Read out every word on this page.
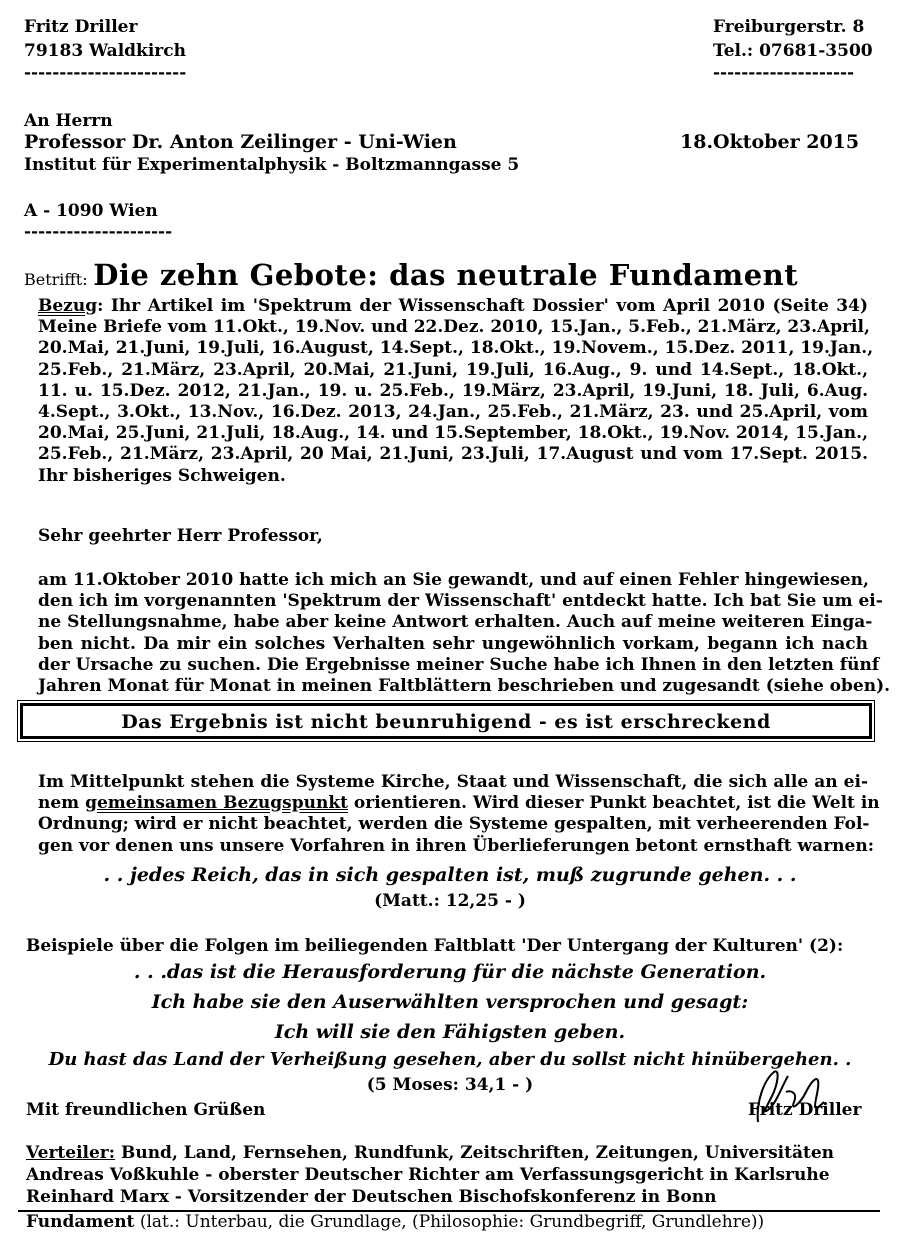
Fritz Driller
79183 Waldkirch
-----------------------
Freiburgerstr. 8
Tel.: 07681-3500
--------------------
An Herrn
Professor Dr. Anton Zeilinger - Uni-Wien
Institut für Experimentalphysik - Boltzmanngasse 5
A - 1090 Wien
---------------------
18.Oktober 2015
Betrifft: Die zehn Gebote: das neutrale Fundament
Bezug: Ihr Artikel im 'Spektrum der Wissenschaft Dossier' vom April 2010 (Seite 34)
Meine Briefe vom 11.Okt., 19.Nov. und 22.Dez. 2010, 15.Jan., 5.Feb., 21.März, 23.April,
20.Mai, 21.Juni, 19.Juli, 16.August, 14.Sept., 18.Okt., 19.Novem., 15.Dez. 2011, 19.Jan.,
25.Feb., 21.März, 23.April, 20.Mai, 21.Juni, 19.Juli, 16.Aug., 9. und 14.Sept., 18.Okt.,
11. u. 15.Dez. 2012, 21.Jan., 19. u. 25.Feb., 19.März, 23.April, 19.Juni, 18. Juli, 6.Aug.
4.Sept., 3.Okt., 13.Nov., 16.Dez. 2013, 24.Jan., 25.Feb., 21.März, 23. und 25.April, vom
20.Mai, 25.Juni, 21.Juli, 18.Aug., 14. und 15.September, 18.Okt., 19.Nov. 2014, 15.Jan.,
25.Feb., 21.März, 23.April, 20 Mai, 21.Juni, 23.Juli, 17.August und vom 17.Sept. 2015.
Ihr bisheriges Schweigen.
Sehr geehrter Herr Professor,
am 11.Oktober 2010 hatte ich mich an Sie gewandt, und auf einen Fehler hingewiesen,
den ich im vorgenannten 'Spektrum der Wissenschaft' entdeckt hatte. Ich bat Sie um ei-
ne Stellungsnahme, habe aber keine Antwort erhalten. Auch auf meine weiteren Einga-
ben nicht. Da mir ein solches Verhalten sehr ungewöhnlich vorkam, begann ich nach
der Ursache zu suchen. Die Ergebnisse meiner Suche habe ich Ihnen in den letzten fünf
Jahren Monat für Monat in meinen Faltblättern beschrieben und zugesandt (siehe oben).
Das Ergebnis ist nicht beunruhigend - es ist erschreckend
Im Mittelpunkt stehen die Systeme Kirche, Staat und Wissenschaft, die sich alle an ei-
nem gemeinsamen Bezugspunkt orientieren. Wird dieser Punkt beachtet, ist die Welt in
Ordnung; wird er nicht beachtet, werden die Systeme gespalten, mit verheerenden Fol-
gen vor denen uns unsere Vorfahren in ihren Überlieferungen betont ernsthaft warnen:
. . jedes Reich, das in sich gespalten ist, muß zugrunde gehen. . .
(Matt.: 12,25 - )
Beispiele über die Folgen im beiliegenden Faltblatt 'Der Untergang der Kulturen' (2):
. . .das ist die Herausforderung für die nächste Generation.
Ich habe sie den Auserwählten versprochen und gesagt:
Ich will sie den Fähigsten geben.
Du hast das Land der Verheißung gesehen, aber du sollst nicht hinübergehen. .
(5 Moses: 34,1 - )
Mit freundlichen Grüßen	Fritz Driller
Verteiler: Bund, Land, Fernsehen, Rundfunk, Zeitschriften, Zeitungen, Universitäten
Andreas Voßkuhle - oberster Deutscher Richter am Verfassungsgericht in Karlsruhe
Reinhard Marx - Vorsitzender der Deutschen Bischofskonferenz in Bonn
Fundament (lat.: Unterbau, die Grundlage, (Philosophie: Grundbegriff, Grundlehre))
